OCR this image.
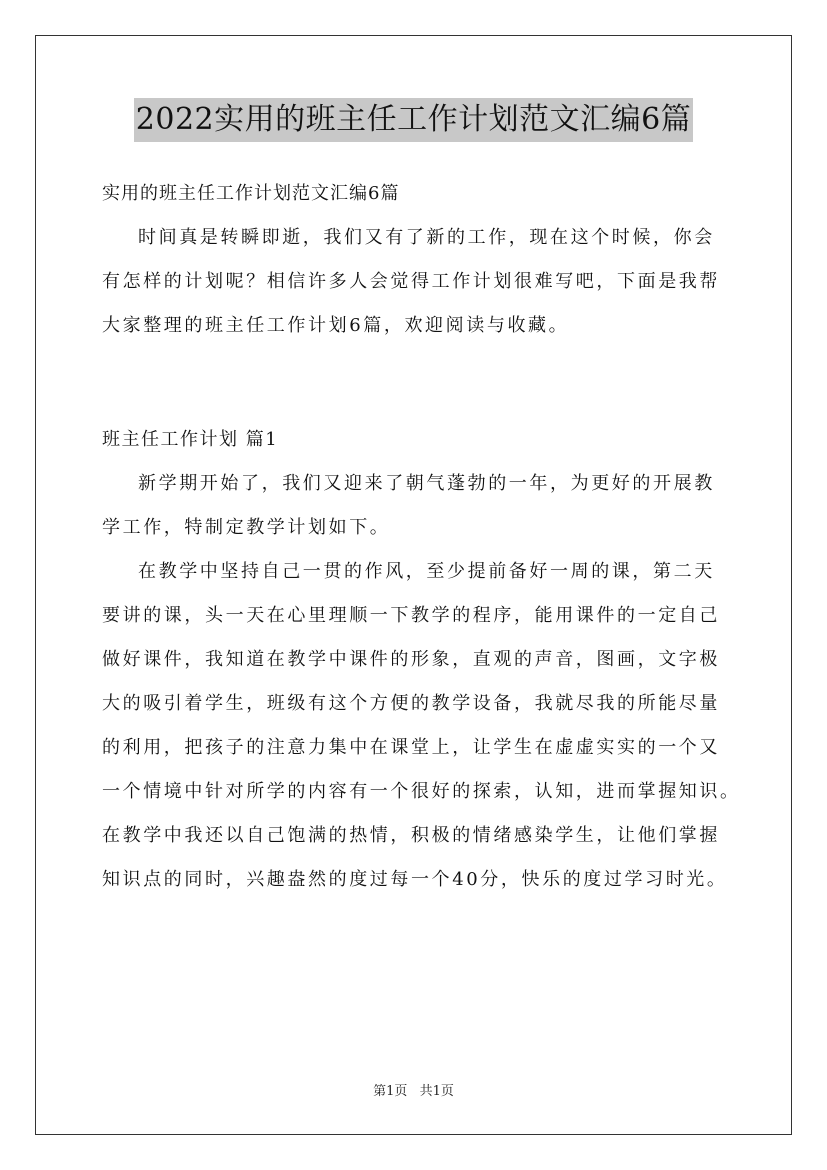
2022实用的班主任工作计划范文汇编6篇

实用的班主任工作计划范文汇编6篇

时间真是转瞬即逝，我们又有了新的工作，现在这个时候，你会
有怎样的计划呢？相信许多人会觉得工作计划很难写吧，下面是我帮
大家整理的班主任工作计划6篇，欢迎阅读与收藏。

班主任工作计划 篇1

新学期开始了，我们又迎来了朝气蓬勃的一年，为更好的开展教
学工作，特制定教学计划如下。

在教学中坚持自己一贯的作风，至少提前备好一周的课，第二天
要讲的课，头一天在心里理顺一下教学的程序，能用课件的一定自己
做好课件，我知道在教学中课件的形象，直观的声音，图画，文字极
大的吸引着学生，班级有这个方便的教学设备，我就尽我的所能尽量
的利用，把孩子的注意力集中在课堂上，让学生在虚虚实实的一个又
一个情境中针对所学的内容有一个很好的探索，认知，进而掌握知识。
在教学中我还以自己饱满的热情，积极的情绪感染学生，让他们掌握
知识点的同时，兴趣盎然的度过每一个40分，快乐的度过学习时光。

第1页 共1页
